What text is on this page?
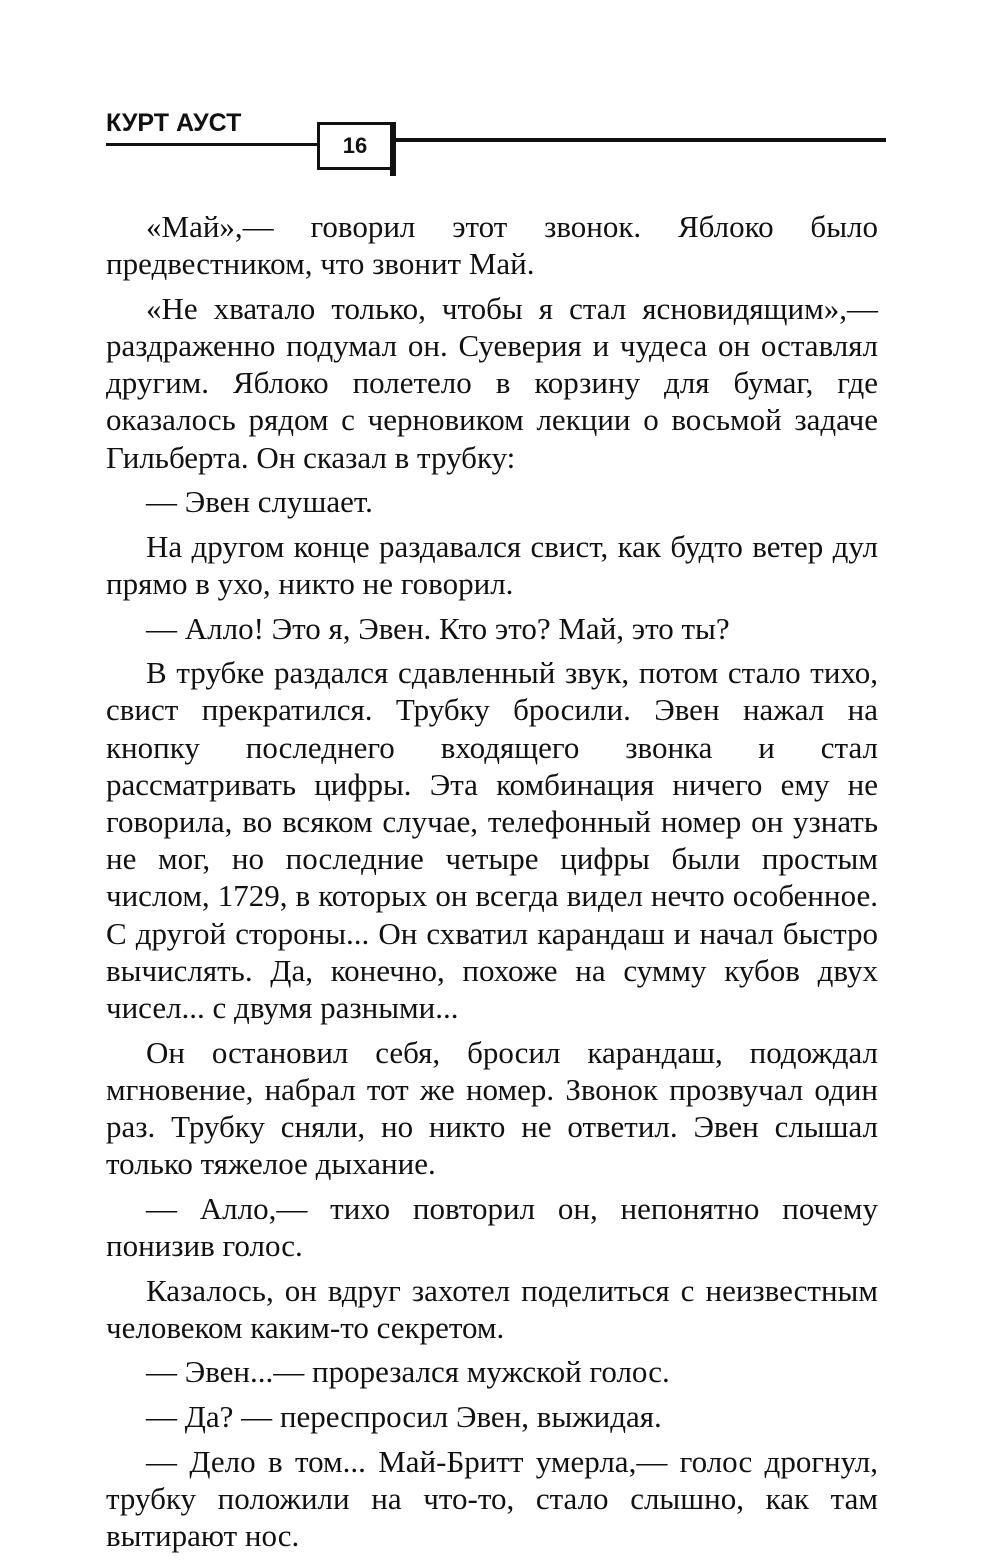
КУРТ АУСТ
16

«Май»,— говорил этот звонок. Яблоко было предвестником, что звонит Май.

«Не хватало только, чтобы я стал ясновидящим»,— раздраженно подумал он. Суеверия и чудеса он оставлял другим. Яблоко полетело в корзину для бумаг, где оказалось рядом с черновиком лекции о восьмой задаче Гильберта. Он сказал в трубку:

— Эвен слушает.

На другом конце раздавался свист, как будто ветер дул прямо в ухо, никто не говорил.

— Алло! Это я, Эвен. Кто это? Май, это ты?

В трубке раздался сдавленный звук, потом стало тихо, свист прекратился. Трубку бросили. Эвен нажал на кнопку последнего входящего звонка и стал рассматривать цифры. Эта комбинация ничего ему не говорила, во всяком случае, телефонный номер он узнать не мог, но последние четыре цифры были простым числом, 1729, в которых он всегда видел нечто особенное. С другой стороны... Он схватил карандаш и начал быстро вычислять. Да, конечно, похоже на сумму кубов двух чисел... с двумя разными...

Он остановил себя, бросил карандаш, подождал мгновение, набрал тот же номер. Звонок прозвучал один раз. Трубку сняли, но никто не ответил. Эвен слышал только тяжелое дыхание.

— Алло,— тихо повторил он, непонятно почему понизив голос.

Казалось, он вдруг захотел поделиться с неизвестным человеком каким-то секретом.

— Эвен...— прорезался мужской голос.

— Да? — переспросил Эвен, выжидая.

— Дело в том... Май-Бритт умерла,— голос дрогнул, трубку положили на что-то, стало слышно, как там вытирают нос.
